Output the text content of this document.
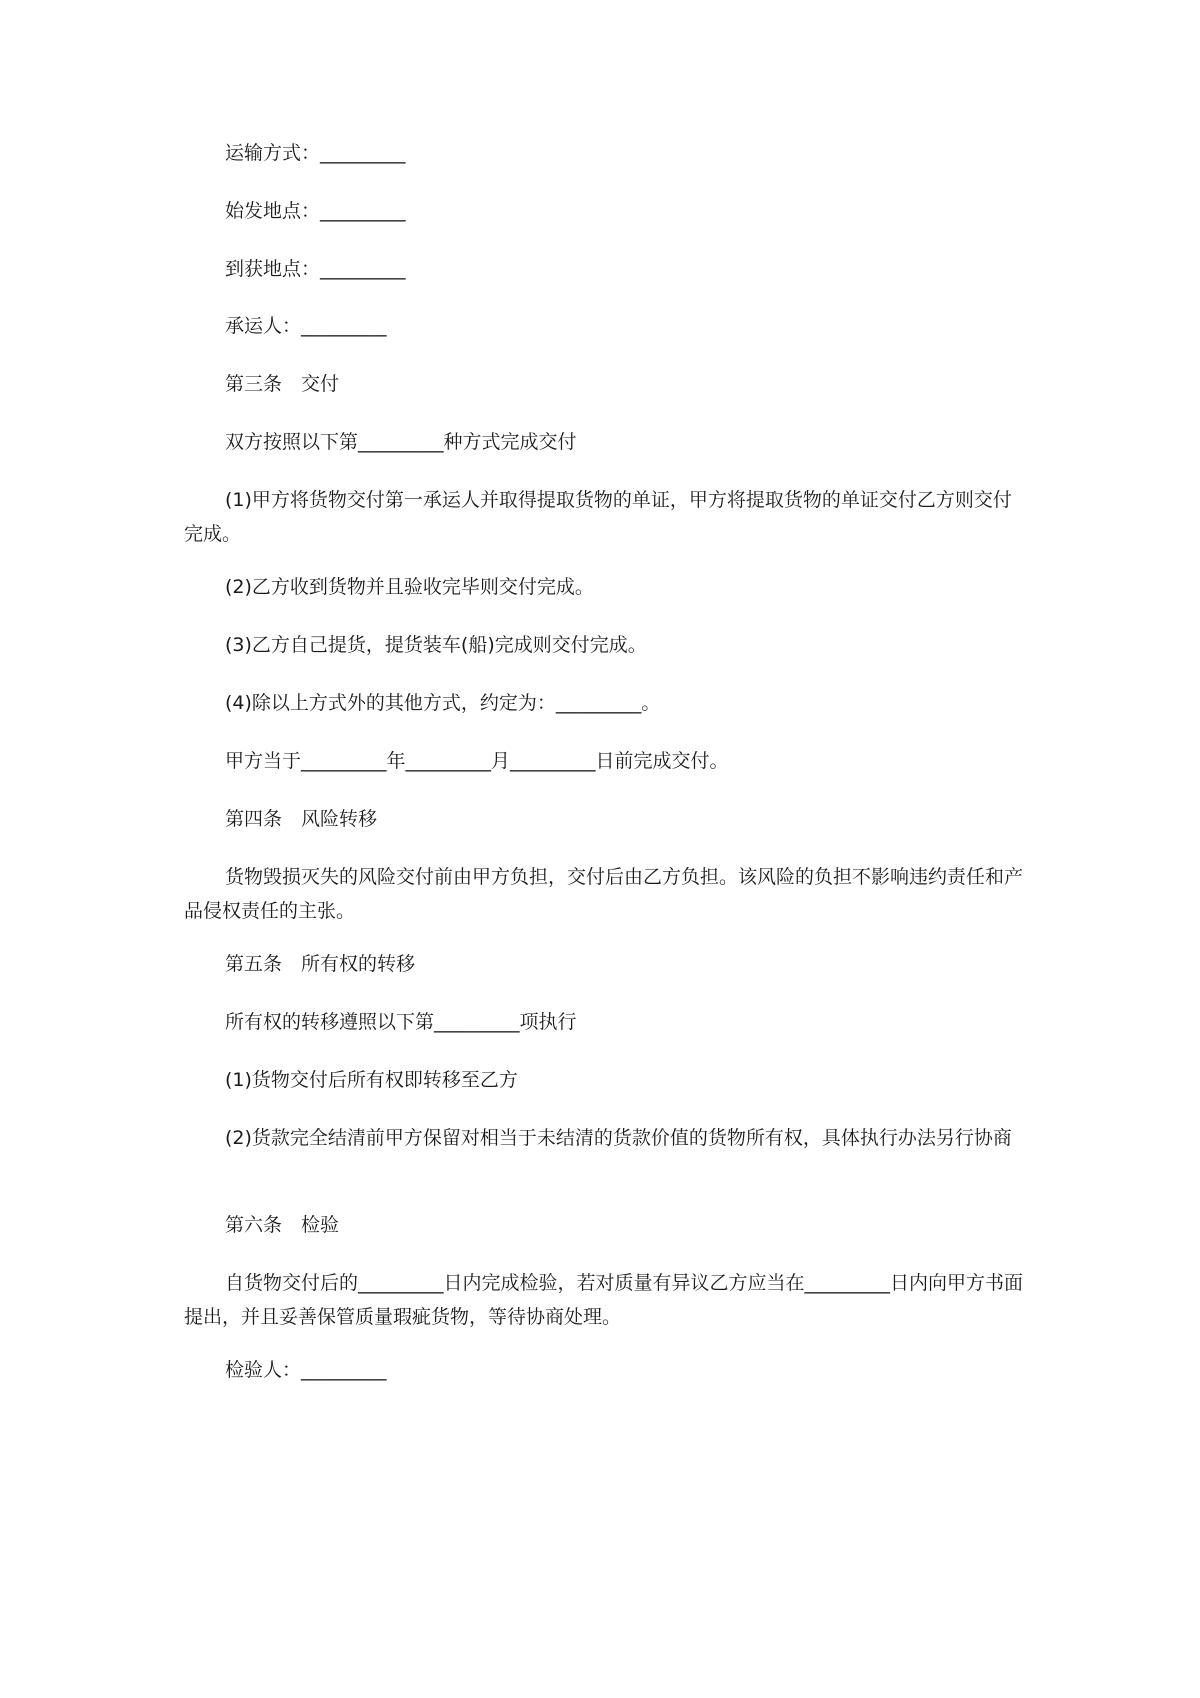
运输方式：_________

始发地点：_________

到获地点：_________

承运人：_________

第三条　交付

双方按照以下第_________种方式完成交付

(1)甲方将货物交付第一承运人并取得提取货物的单证，甲方将提取货物的单证交付乙方则交付完成。

(2)乙方收到货物并且验收完毕则交付完成。

(3)乙方自己提货，提货装车(船)完成则交付完成。

(4)除以上方式外的其他方式，约定为：_________。

甲方当于_________年_________月_________日前完成交付。

第四条　风险转移

货物毁损灭失的风险交付前由甲方负担，交付后由乙方负担。该风险的负担不影响违约责任和产品侵权责任的主张。

第五条　所有权的转移

所有权的转移遵照以下第_________项执行

(1)货物交付后所有权即转移至乙方

(2)货款完全结清前甲方保留对相当于未结清的货款价值的货物所有权，具体执行办法另行协商

第六条　检验

自货物交付后的_________日内完成检验，若对质量有异议乙方应当在_________日内向甲方书面提出，并且妥善保管质量瑕疵货物，等待协商处理。

检验人：_________
